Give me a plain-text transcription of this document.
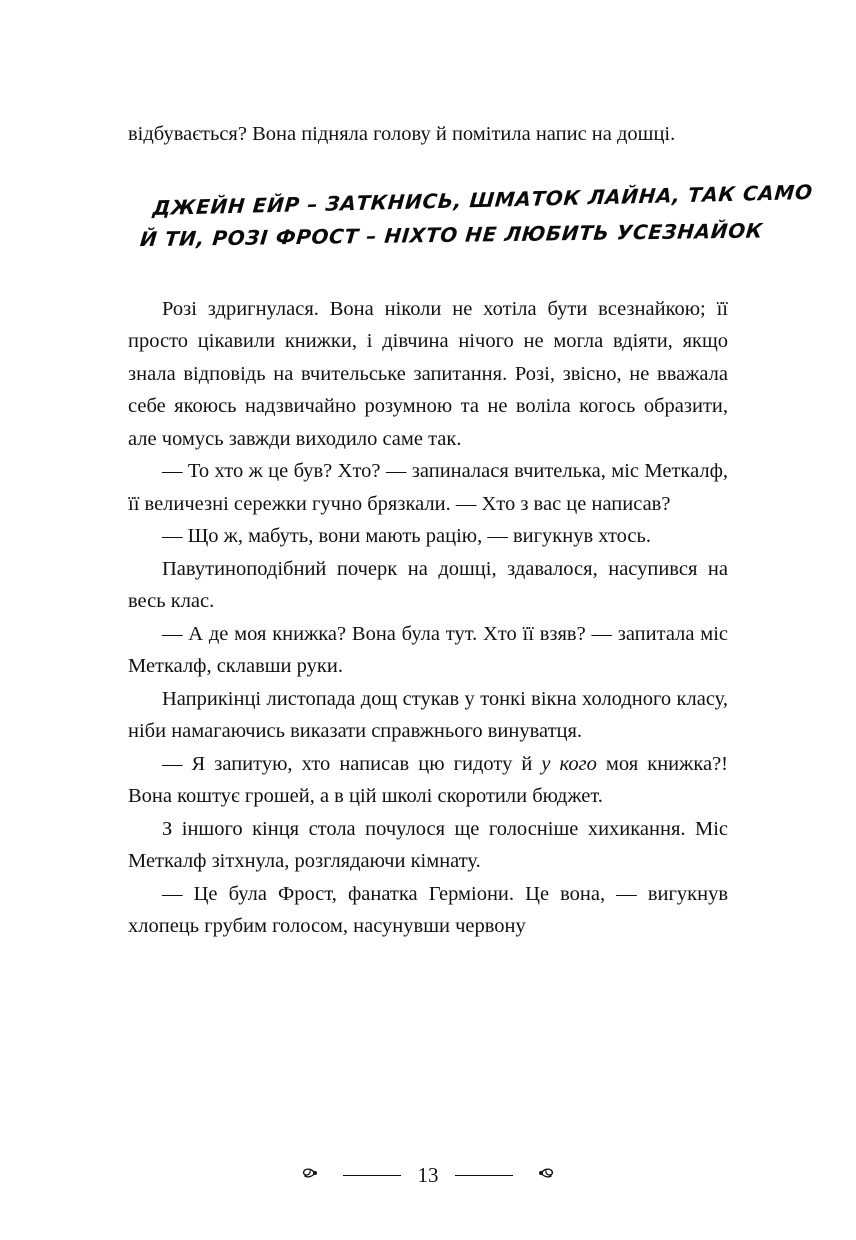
відбувається? Вона підняла голову й помітила напис на дошці.

ДЖЕЙН ЕЙР – ЗАТКНИСЬ, ШМАТОК ЛАЙНА, ТАК САМО
Й ТИ, РОЗІ ФРОСТ – НІХТО НЕ ЛЮБИТЬ УСЕЗНАЙОК

Розі здригнулася. Вона ніколи не хотіла бути всезнайкою; її просто цікавили книжки, і дівчина нічого не могла вдіяти, якщо знала відповідь на вчительське запитання. Розі, звісно, не вважала себе якоюсь надзвичайно розумною та не воліла когось образити, але чомусь завжди виходило саме так.

— То хто ж це був? Хто? — запиналася вчителька, міс Меткалф, її величезні сережки гучно брязкали. — Хто з вас це написав?

— Що ж, мабуть, вони мають рацію, — вигукнув хтось.

Павутиноподібний почерк на дошці, здавалося, насупився на весь клас.

— А де моя книжка? Вона була тут. Хто її взяв? — запитала міс Меткалф, склавши руки.

Наприкінці листопада дощ стукав у тонкі вікна холодного класу, ніби намагаючись виказати справжнього винуватця.

— Я запитую, хто написав цю гидоту й у кого моя книжка?! Вона коштує грошей, а в цій школі скоротили бюджет.

З іншого кінця стола почулося ще голосніше хихикання. Міс Меткалф зітхнула, розглядаючи кімнату.

— Це була Фрост, фанатка Герміони. Це вона, — вигукнув хлопець грубим голосом, насунувши червону

13
